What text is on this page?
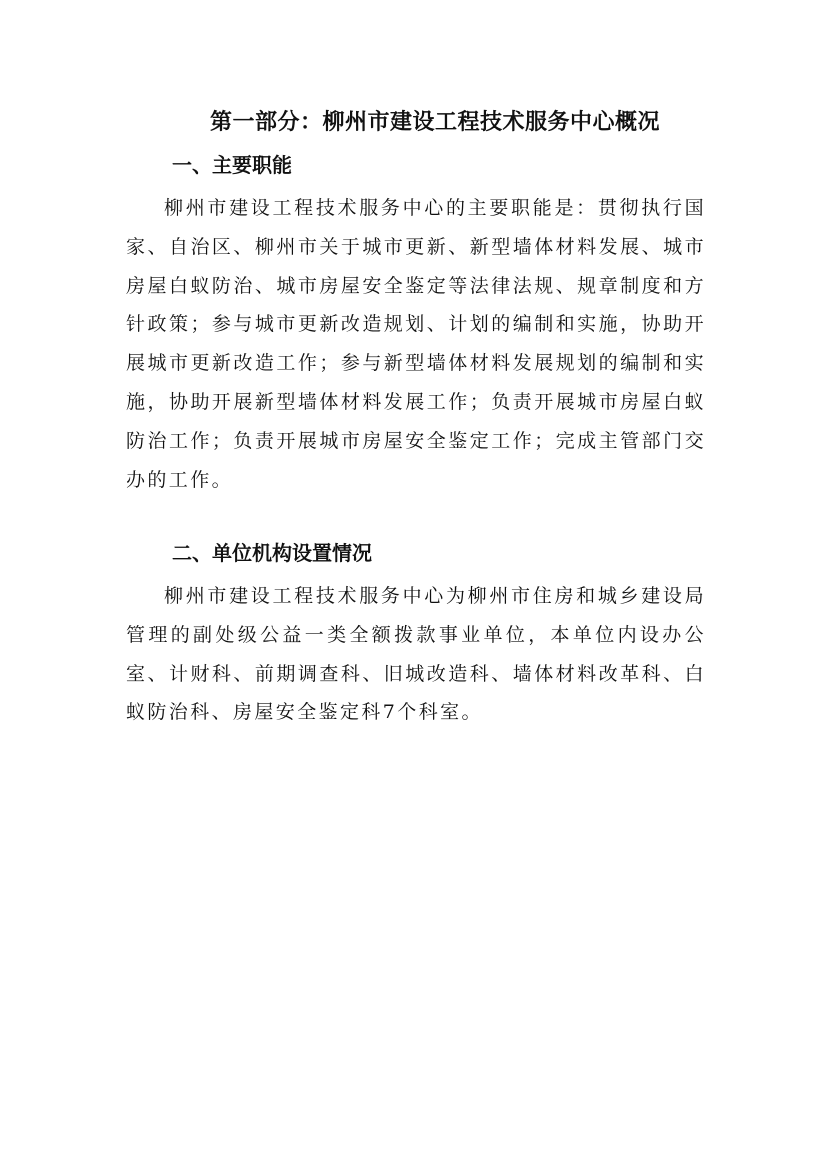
第一部分：柳州市建设工程技术服务中心概况
一、主要职能

柳州市建设工程技术服务中心的主要职能是：贯彻执行国家、自治区、柳州市关于城市更新、新型墙体材料发展、城市房屋白蚁防治、城市房屋安全鉴定等法律法规、规章制度和方针政策；参与城市更新改造规划、计划的编制和实施，协助开展城市更新改造工作；参与新型墙体材料发展规划的编制和实施，协助开展新型墙体材料发展工作；负责开展城市房屋白蚁防治工作；负责开展城市房屋安全鉴定工作；完成主管部门交办的工作。

二、单位机构设置情况

柳州市建设工程技术服务中心为柳州市住房和城乡建设局管理的副处级公益一类全额拨款事业单位，本单位内设办公室、计财科、前期调查科、旧城改造科、墙体材料改革科、白蚁防治科、房屋安全鉴定科7个科室。
